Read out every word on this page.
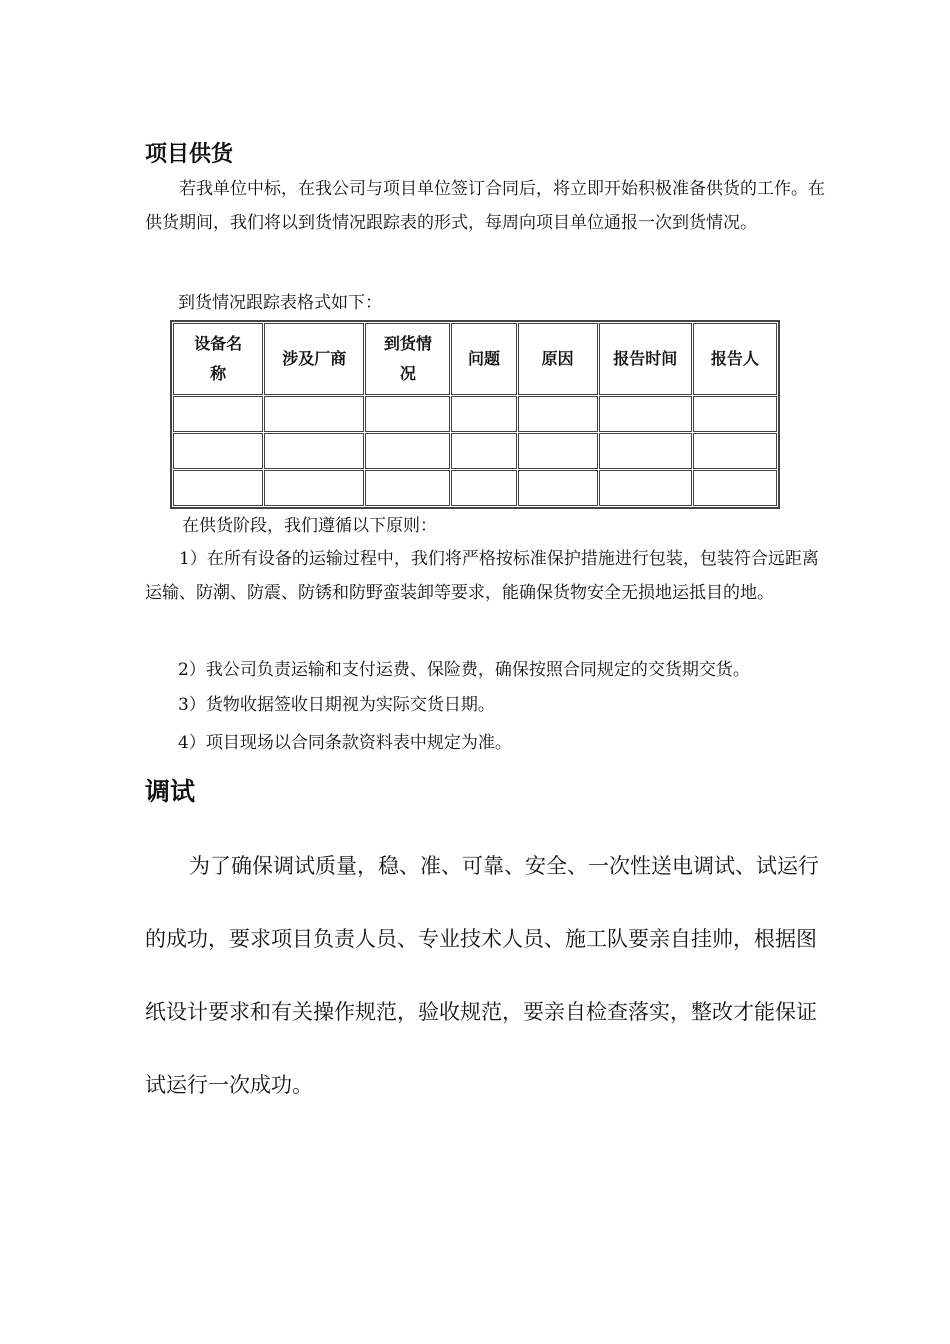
项目供货

若我单位中标，在我公司与项目单位签订合同后，将立即开始积极准备供货的工作。在供货期间，我们将以到货情况跟踪表的形式，每周向项目单位通报一次到货情况。

到货情况跟踪表格式如下：

设备名称	涉及厂商	到货情况	问题	原因	报告时间	报告人

在供货阶段，我们遵循以下原则：

1）在所有设备的运输过程中，我们将严格按标准保护措施进行包装，包装符合远距离运输、防潮、防震、防锈和防野蛮装卸等要求，能确保货物安全无损地运抵目的地。

2）我公司负责运输和支付运费、保险费，确保按照合同规定的交货期交货。

3）货物收据签收日期视为实际交货日期。

4）项目现场以合同条款资料表中规定为准。

调试

为了确保调试质量，稳、准、可靠、安全、一次性送电调试、试运行的成功，要求项目负责人员、专业技术人员、施工队要亲自挂帅，根据图纸设计要求和有关操作规范，验收规范，要亲自检查落实，整改才能保证试运行一次成功。
